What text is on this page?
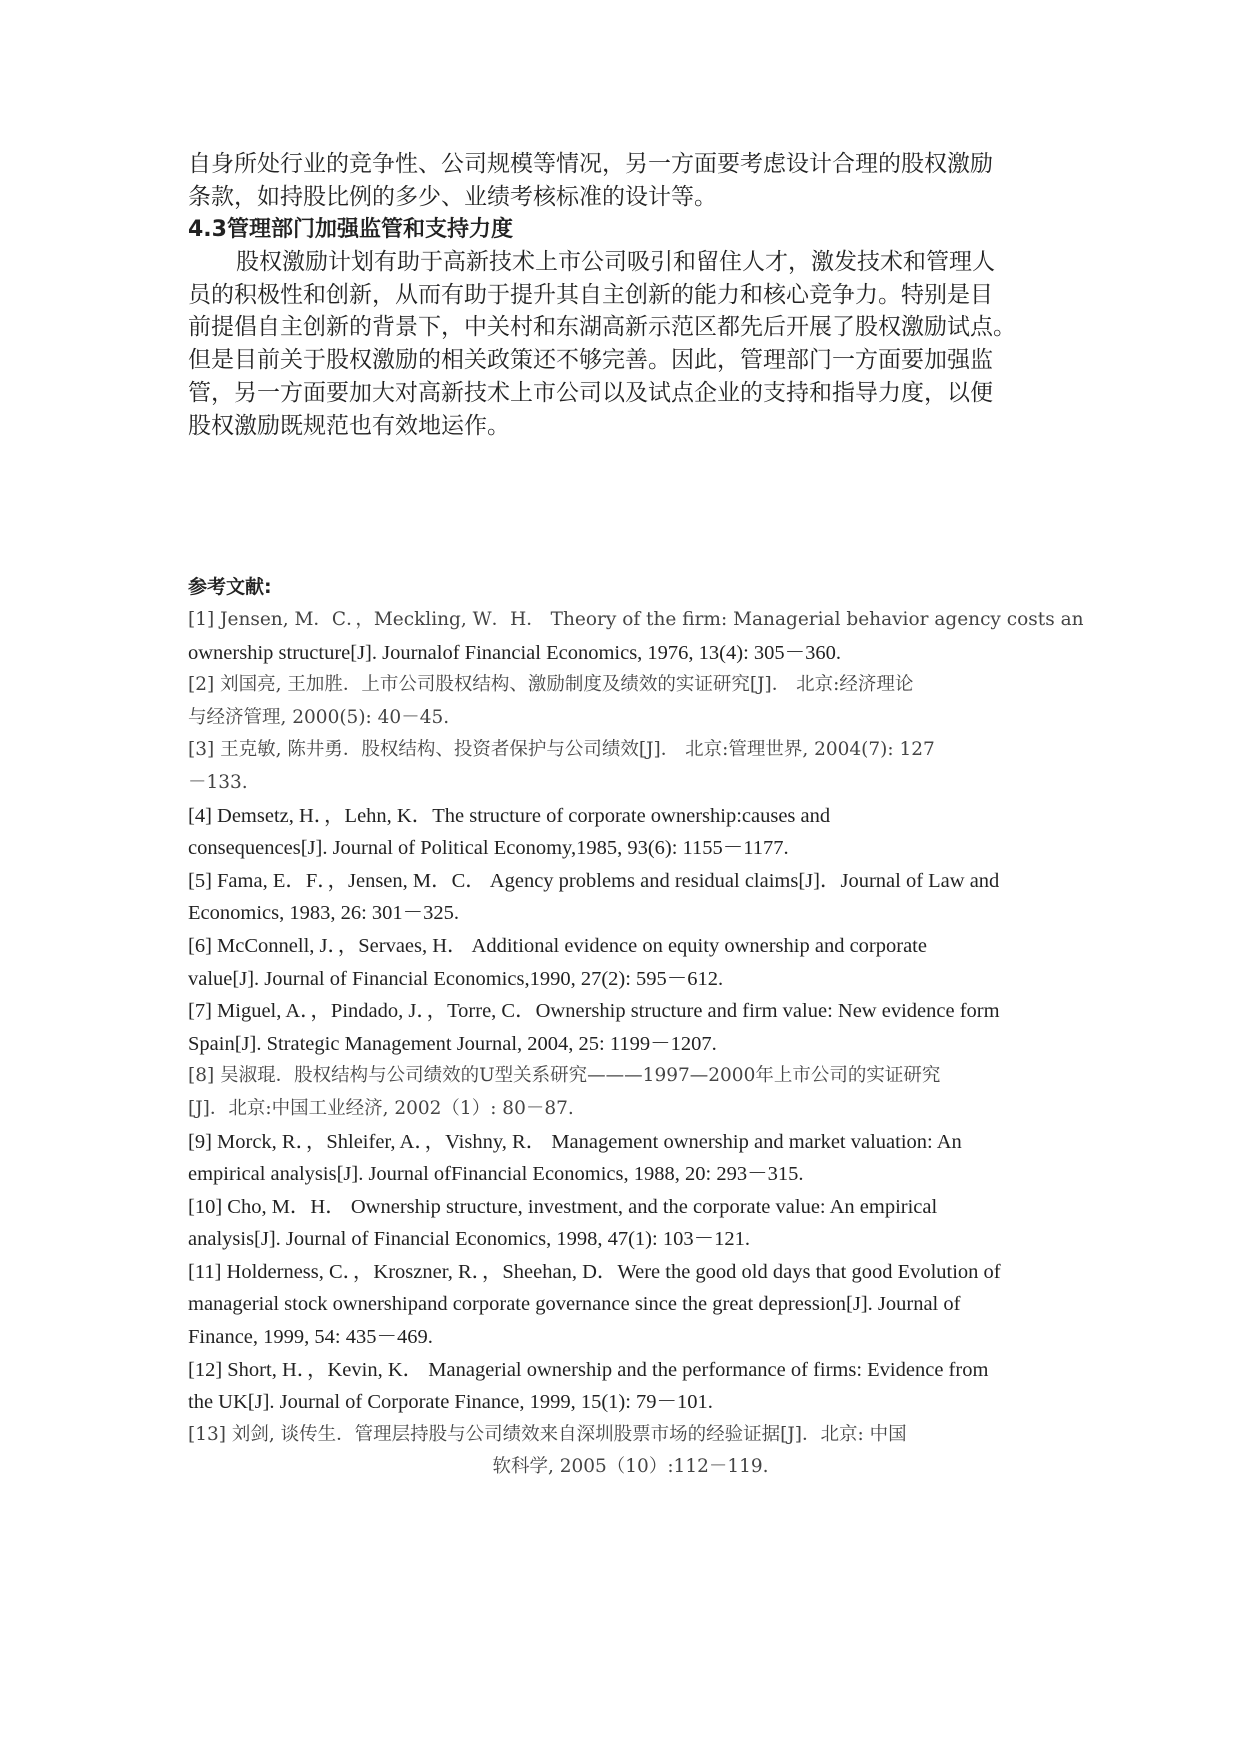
自身所处行业的竞争性、公司规模等情况，另一方面要考虑设计合理的股权激励
条款，如持股比例的多少、业绩考核标准的设计等。
4.3管理部门加强监管和支持力度
股权激励计划有助于高新技术上市公司吸引和留住人才，激发技术和管理人
员的积极性和创新，从而有助于提升其自主创新的能力和核心竞争力。特别是目
前提倡自主创新的背景下，中关村和东湖高新示范区都先后开展了股权激励试点。
但是目前关于股权激励的相关政策还不够完善。因此，管理部门一方面要加强监
管，另一方面要加大对高新技术上市公司以及试点企业的支持和指导力度，以便
股权激励既规范也有效地运作。
参考文献:
[1] Jensen, M．C．，Meckling, W．H． Theory of the firm: Managerial behavior agency costs an
ownership structure[J]. Journalof Financial Economics, 1976, 13(4): 305－360.
[2] 刘国亮, 王加胜．上市公司股权结构、激励制度及绩效的实证研究[J]． 北京:经济理论
与经济管理, 2000(5): 40－45.
[3] 王克敏, 陈井勇．股权结构、投资者保护与公司绩效[J]． 北京:管理世界, 2004(7): 127
－133.
[4] Demsetz, H．，Lehn, K．The structure of corporate ownership:causes and
consequences[J]. Journal of Political Economy,1985, 93(6): 1155－1177.
[5] Fama, E．F．，Jensen, M．C． Agency problems and residual claims[J]．Journal of Law and
Economics, 1983, 26: 301－325.
[6] McConnell, J．，Servaes, H． Additional evidence on equity ownership and corporate
value[J]. Journal of Financial Economics,1990, 27(2): 595－612.
[7] Miguel, A．，Pindado, J．，Torre, C．Ownership structure and firm value: New evidence form
Spain[J]. Strategic Management Journal, 2004, 25: 1199－1207.
[8] 吴淑琨．股权结构与公司绩效的U型关系研究———1997—2000年上市公司的实证研究
[J]．北京:中国工业经济, 2002（1）: 80－87.
[9] Morck, R．，Shleifer, A．，Vishny, R． Management ownership and market valuation: An
empirical analysis[J]. Journal ofFinancial Economics, 1988, 20: 293－315.
[10] Cho, M．H． Ownership structure, investment, and the corporate value: An empirical
analysis[J]. Journal of Financial Economics, 1998, 47(1): 103－121.
[11] Holderness, C．，Kroszner, R．，Sheehan, D．Were the good old days that good Evolution of
managerial stock ownershipand corporate governance since the great depression[J]. Journal of
Finance, 1999, 54: 435－469.
[12] Short, H．，Kevin, K． Managerial ownership and the performance of firms: Evidence from
the UK[J]. Journal of Corporate Finance, 1999, 15(1): 79－101.
[13] 刘剑, 谈传生．管理层持股与公司绩效来自深圳股票市场的经验证据[J]．北京: 中国
软科学, 2005（10）:112－119.
